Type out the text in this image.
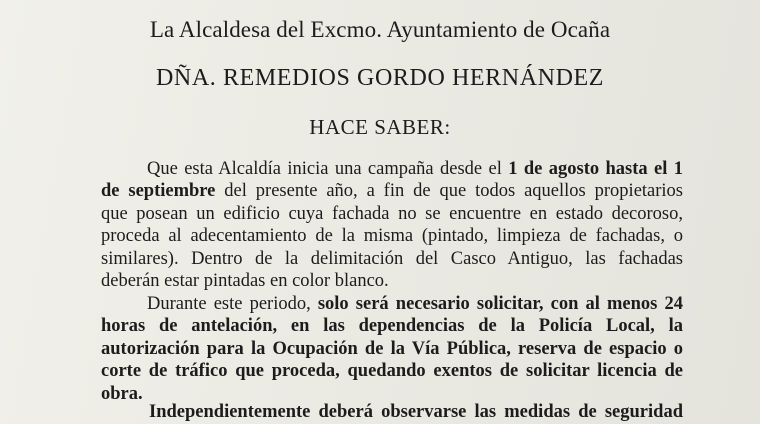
La Alcaldesa del Excmo. Ayuntamiento de Ocaña
DÑA. REMEDIOS GORDO HERNÁNDEZ
HACE SABER:
Que esta Alcaldía inicia una campaña desde el 1 de agosto hasta el 1
de septiembre del presente año, a fin de que todos aquellos propietarios
que posean un edificio cuya fachada no se encuentre en estado decoroso,
proceda al adecentamiento de la misma (pintado, limpieza de fachadas, o
similares). Dentro de la delimitación del Casco Antiguo, las fachadas
deberán estar pintadas en color blanco.
Durante este periodo, solo será necesario solicitar, con al menos 24
horas de antelación, en las dependencias de la Policía Local, la
autorización para la Ocupación de la Vía Pública, reserva de espacio o
corte de tráfico que proceda, quedando exentos de solicitar licencia de
obra.
Independientemente deberá observarse las medidas de seguridad
